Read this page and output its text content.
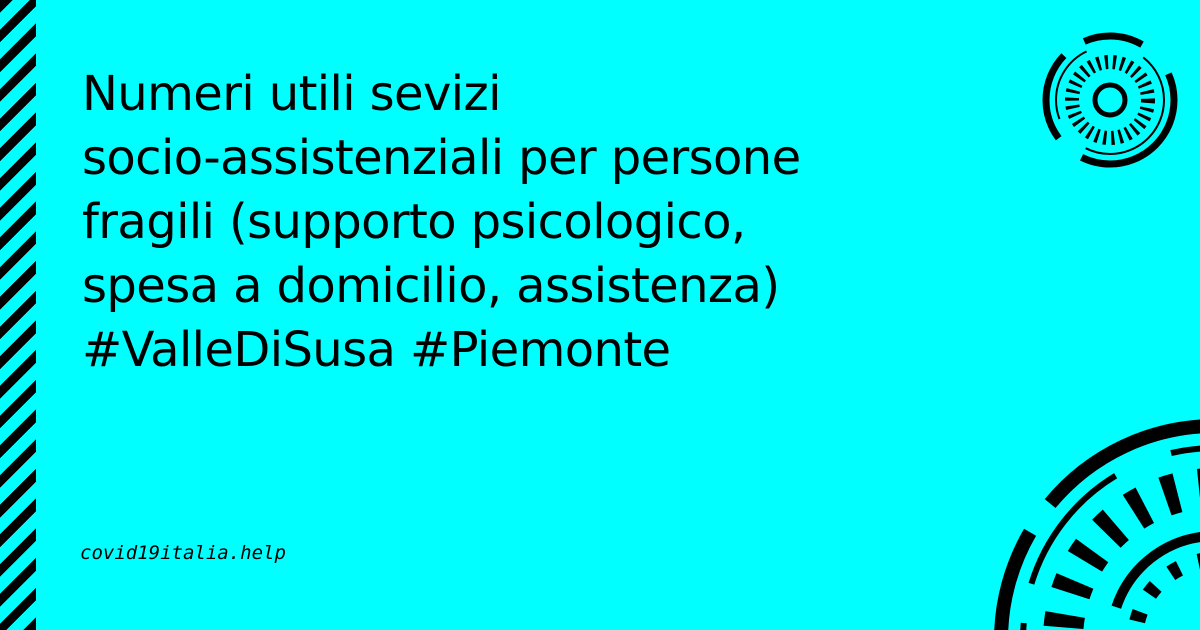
Numeri utili sevizi
socio-assistenziali per persone
fragili (supporto psicologico,
spesa a domicilio, assistenza)
#ValleDiSusa #Piemonte
covid19italia.help
